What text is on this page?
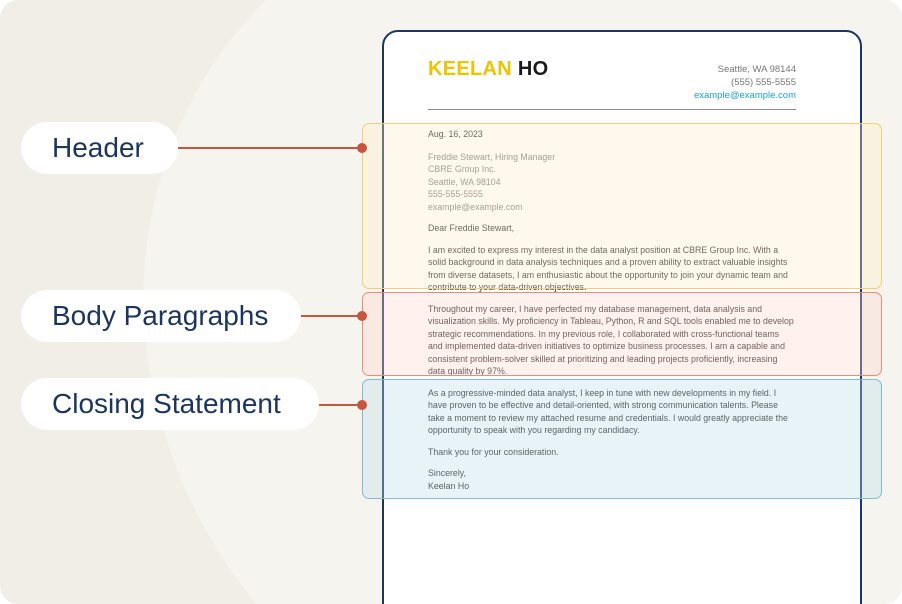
KEELAN HO	Seattle, WA 98144
(555) 555-5555
example@example.com
Aug. 16, 2023
Freddie Stewart, Hiring Manager
CBRE Group Inc.
Seattle, WA 98104
555-555-5555
example@example.com
Dear Freddie Stewart,

I am excited to express my interest in the data analyst position at CBRE Group Inc. With a solid background in data analysis techniques and a proven ability to extract valuable insights from diverse datasets, I am enthusiastic about the opportunity to join your dynamic team and contribute to your data-driven objectives.

Throughout my career, I have perfected my database management, data analysis and visualization skills. My proficiency in Tableau, Python, R and SQL tools enabled me to develop strategic recommendations. In my previous role, I collaborated with cross-functional teams and implemented data-driven initiatives to optimize business processes. I am a capable and consistent problem-solver skilled at prioritizing and leading projects proficiently, increasing data quality by 97%.

As a progressive-minded data analyst, I keep in tune with new developments in my field. I have proven to be effective and detail-oriented, with strong communication talents. Please take a moment to review my attached resume and credentials. I would greatly appreciate the opportunity to speak with you regarding my candidacy.

Thank you for your consideration.

Sincerely,
Keelan Ho
Header
Body Paragraphs
Closing Statement
